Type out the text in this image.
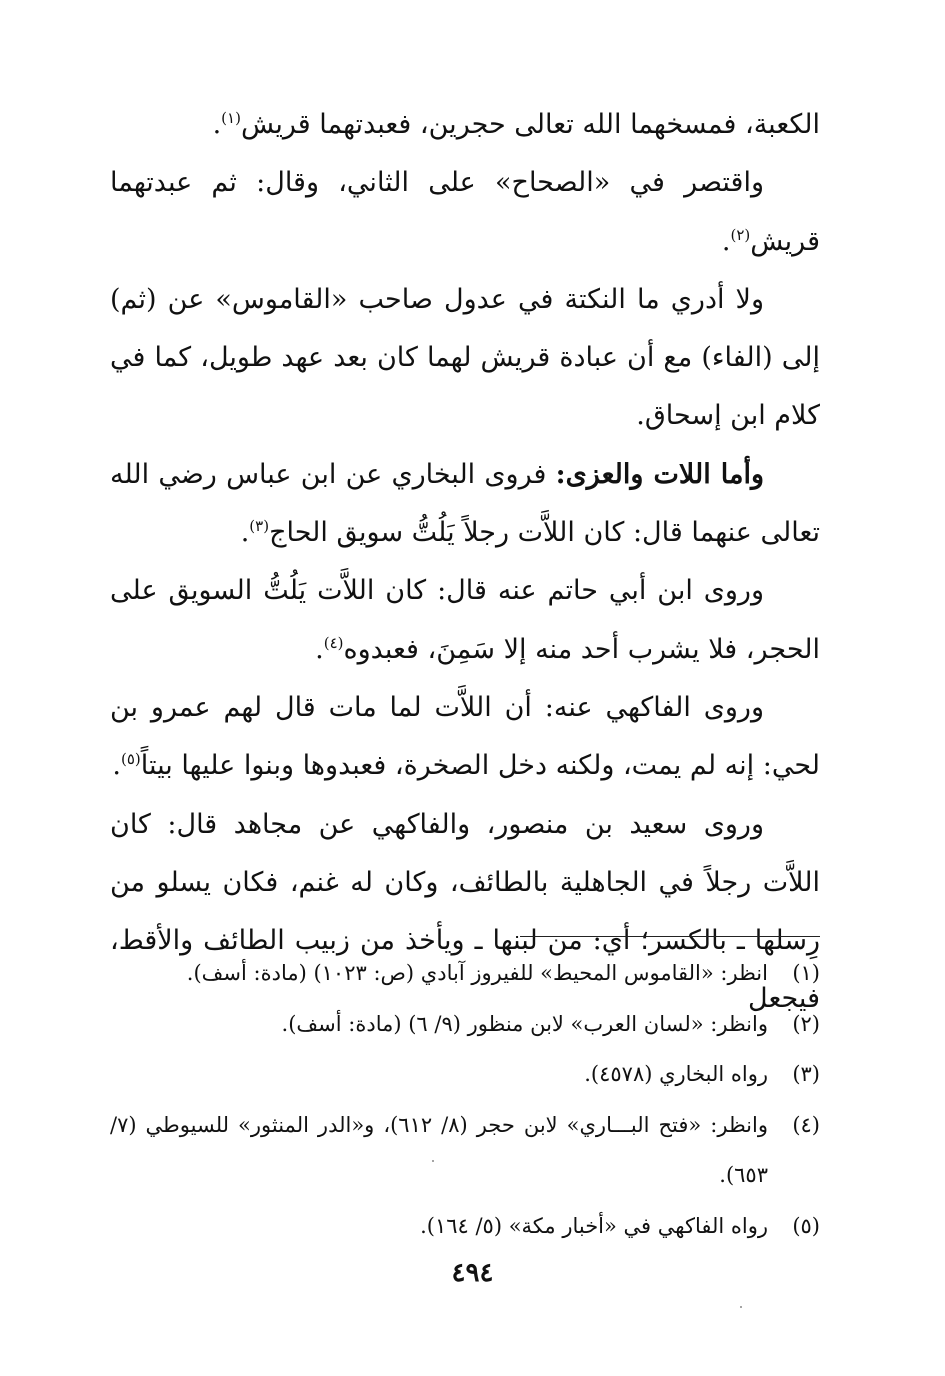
الكعبة، فمسخهما الله تعالى حجرين، فعبدتهما قريش$^{(١)}$.

واقتصر في «الصحاح» على الثاني، وقال: ثم عبدتهما قريش$^{(٢)}$.

ولا أدري ما النكتة في عدول صاحب «القاموس» عن (ثم) إلى (الفاء) مع أن عبادة قريش لهما كان بعد عهد طويل، كما في كلام ابن إسحاق.

وأما اللات والعزى: فروى البخاري عن ابن عباس رضي الله تعالى عنهما قال: كان اللاَّت رجلاً يَلُتُّ سويق الحاج$^{(٣)}$.

وروى ابن أبي حاتم عنه قال: كان اللاَّت يَلُتُّ السويق على الحجر، فلا يشرب أحد منه إلا سَمِنَ، فعبدوه$^{(٤)}$.

وروى الفاكهي عنه: أن اللاَّت لما مات قال لهم عمرو بن لحي: إنه لم يمت، ولكنه دخل الصخرة، فعبدوها وبنوا عليها بيتاً$^{(٥)}$.

وروى سعيد بن منصور، والفاكهي عن مجاهد قال: كان اللاَّت رجلاً في الجاهلية بالطائف، وكان له غنم، فكان يسلو من رِسلها ـ بالكسر؛ أي: من لبنها ـ ويأخذ من زبيب الطائف والأقط، فيجعل

(١)
انظر: «القاموس المحيط» للفيروز آبادي (ص: ١٠٢٣) (مادة: أسف).
(٢)
وانظر: «لسان العرب» لابن منظور (٩/ ٦) (مادة: أسف).
(٣)
رواه البخاري (٤٥٧٨).
(٤)
وانظر: «فتح البـــاري» لابن حجر (٨/ ٦١٢)، و«الدر المنثور» للسيوطي (٧/ ٦٥٣).
(٥)
رواه الفاكهي في «أخبار مكة» (٥/ ١٦٤).
٤٩٤
